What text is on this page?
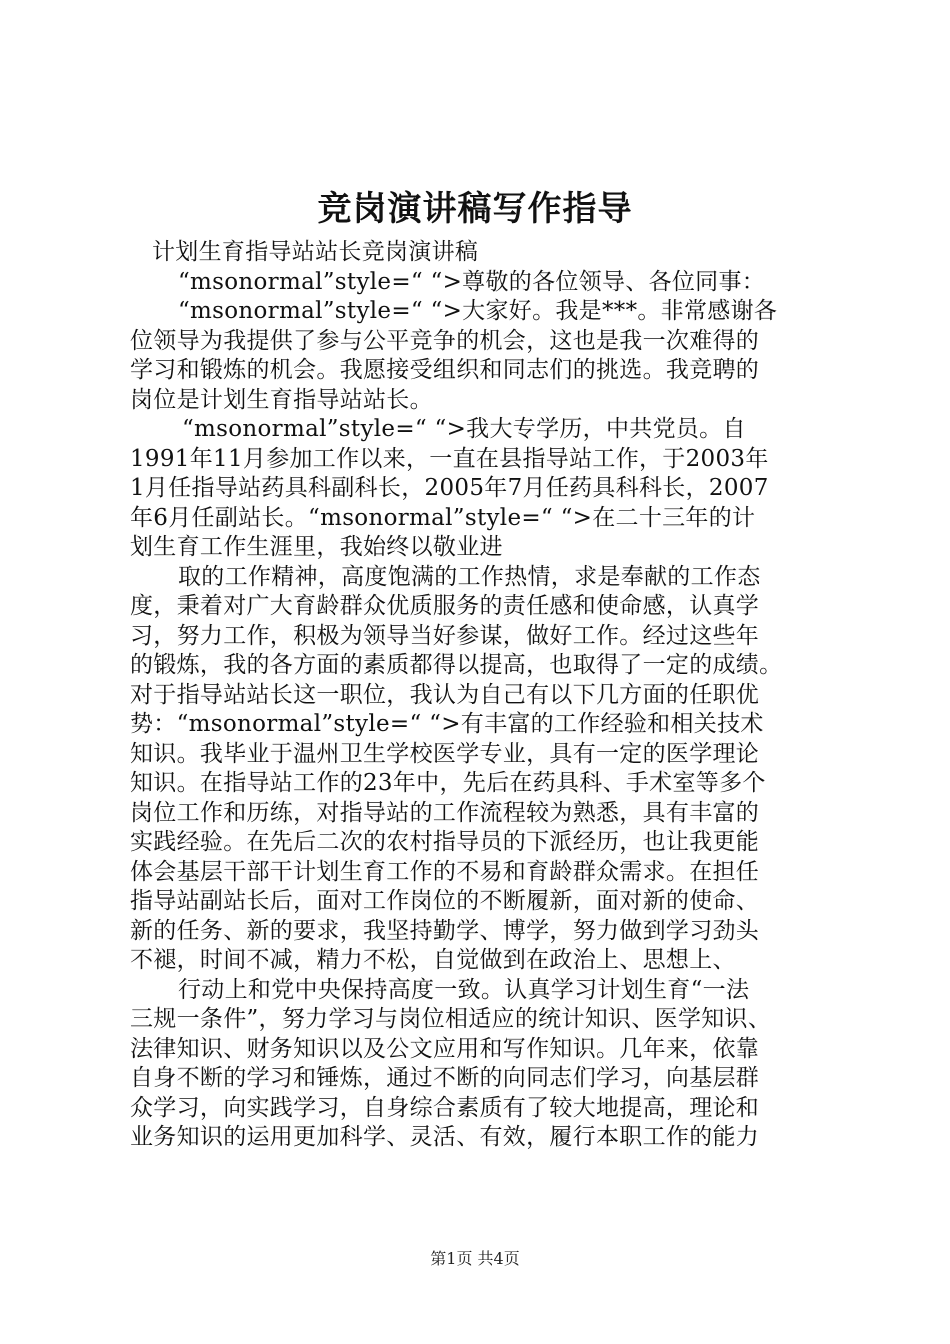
竞岗演讲稿写作指导
计划生育指导站站长竞岗演讲稿
“msonormal”style=“ “>尊敬的各位领导、各位同事：
“msonormal”style=“ “>大家好。我是***。非常感谢各
位领导为我提供了参与公平竞争的机会，这也是我一次难得的
学习和锻炼的机会。我愿接受组织和同志们的挑选。我竞聘的
岗位是计划生育指导站站长。
“msonormal”style=“ “>我大专学历，中共党员。自
1991年11月参加工作以来，一直在县指导站工作，于2003年
1月任指导站药具科副科长，2005年7月任药具科科长，2007
年6月任副站长。“msonormal”style=“ “>在二十三年的计
划生育工作生涯里，我始终以敬业进
取的工作精神，高度饱满的工作热情，求是奉献的工作态
度，秉着对广大育龄群众优质服务的责任感和使命感，认真学
习，努力工作，积极为领导当好参谋，做好工作。经过这些年
的锻炼，我的各方面的素质都得以提高，也取得了一定的成绩。
对于指导站站长这一职位，我认为自己有以下几方面的任职优
势：“msonormal”style=“ “>有丰富的工作经验和相关技术
知识。我毕业于温州卫生学校医学专业，具有一定的医学理论
知识。在指导站工作的23年中，先后在药具科、手术室等多个
岗位工作和历练，对指导站的工作流程较为熟悉，具有丰富的
实践经验。在先后二次的农村指导员的下派经历，也让我更能
体会基层干部干计划生育工作的不易和育龄群众需求。在担任
指导站副站长后，面对工作岗位的不断履新，面对新的使命、
新的任务、新的要求，我坚持勤学、博学，努力做到学习劲头
不褪，时间不减，精力不松，自觉做到在政治上、思想上、
行动上和党中央保持高度一致。认真学习计划生育“一法
三规一条件”，努力学习与岗位相适应的统计知识、医学知识、
法律知识、财务知识以及公文应用和写作知识。几年来，依靠
自身不断的学习和锤炼，通过不断的向同志们学习，向基层群
众学习，向实践学习，自身综合素质有了较大地提高，理论和
业务知识的运用更加科学、灵活、有效，履行本职工作的能力

第1页 共4页
